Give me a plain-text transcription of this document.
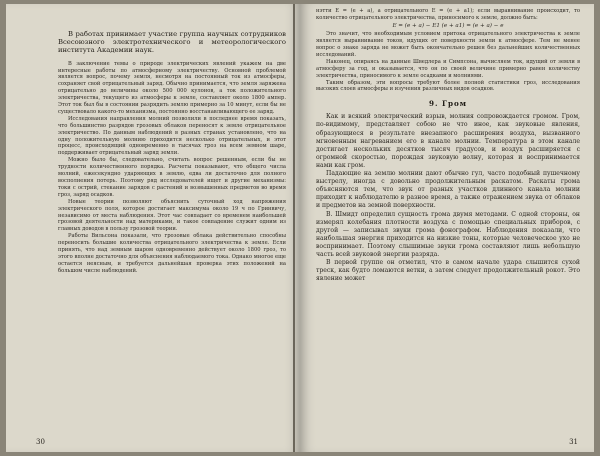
В работах принимает участие группа научных сотрудников Всесоюзного электротехнического и метеорологического института Академии наук.

В заключение темы о природе электрических явлений укажем на две интересные работы по атмосферному электричеству. Основной проблемой является вопрос, почему земля, несмотря на постоянный ток из атмосферы, сохраняет свой отрицательный заряд. Обычно принимается, что земля заряжена отрицательно до величины около 500 000 кулонов, а ток положительного электричества, текущего из атмосферы к земле, составляет около 1800 ампер. Этот ток был бы в состоянии разрядить землю примерно за 10 минут, если бы не существовало какого-то механизма, постоянно восстанавливающего ее заряд.

Исследования направления молний позволили в последнее время показать, что большинство разрядов грозовых облаков переносят к земле отрицательное электричество. По данным наблюдений в разных странах установлено, что на одну положительную молнию приходится несколько отрицательных, и этот процесс, происходящий одновременно в тысячах гроз на всем земном шаре, поддерживает отрицательный заряд земли.

Можно было бы, следовательно, считать вопрос решенным, если бы не трудности количественного порядка. Расчеты показывают, что общего числа молний, ежесекундно ударяющих в землю, едва ли достаточно для полного восполнения потерь. Поэтому ряд исследователей ищет и другие механизмы: токи с острий, стекание зарядов с растений и возвышенных предметов во время гроз, заряд осадков.

Новые теории позволяют объяснить суточный ход напряжения электрического поля, которое достигает максимума около 19 ч по Гринвичу, независимо от места наблюдения. Этот час совпадает со временем наибольшей грозовой деятельности над материками, и такое совпадение служит одним из главных доводов в пользу грозовой теории.

Работы Вильсона показали, что грозовые облака действительно способны переносить большие количества отрицательного электричества к земле. Если принять, что над земным шаром одновременно действует около 1800 гроз, то этого вполне достаточно для объяснения наблюдаемого тока. Однако многое еще остается неясным, и требуется дальнейшая проверка этих положений на большом числе наблюдений.

30

нэтти E = (e + a), а отрицательного E = (e + a1); если выравнивание происходит, то количество отрицательного электричества, приносимого к земле, должно быть:

E = (e + a) − E1 (e + a1) = (e + a) − e

Это значит, что необходимым условием притока отрицательного электричества к земле является выравнивание токов, идущих от поверхности земли к атмосфере. Тем не менее вопрос о знаке заряда не может быть окончательно решен без дальнейших количественных исследований.

Наконец, опираясь на данные Шведлера и Симпсона, вычисляем ток, идущий от земли в атмосферу за год, и оказывается, что он по своей величине примерно равен количеству электричества, приносимого к земле осадками и молниями.

Таким образом, эти вопросы требуют более полной статистики гроз, исследования высоких слоев атмосферы и изучения различных видов осадков.

9. Гром

Как и всякий электрический взрыв, молния сопровождается громом. Гром, по-видимому, представляет собою не что иное, как звуковые явления, образующиеся в результате внезапного расширения воздуха, вызванного мгновенным нагреванием его в канале молнии. Температура в этом канале достигает нескольких десятков тысяч градусов, и воздух расширяется с огромной скоростью, порождая звуковую волну, которая и воспринимается нами как гром.

Падающие на землю молнии дают обычно гул, часто подобный пушечному выстрелу, иногда с довольно продолжительным раскатом. Раскаты грома объясняются тем, что звук от разных участков длинного канала молнии приходит к наблюдателю в разное время, а также отражением звука от облаков и предметов на земной поверхности.

В. Шмидт определил сущность грома двумя методами. С одной стороны, он измерял колебания плотности воздуха с помощью специальных приборов, с другой — записывал звуки грома фонографом. Наблюдения показали, что наибольшая энергия приходится на низкие тоны, которые человеческое ухо не воспринимает. Поэтому слышимые звуки грома составляют лишь небольшую часть всей звуковой энергии разряда.

В первой группе он отметил, что в самом начале удара слышится сухой треск, как будто ломаются ветки, а затем следует продолжительный рокот. Это явление может

31
